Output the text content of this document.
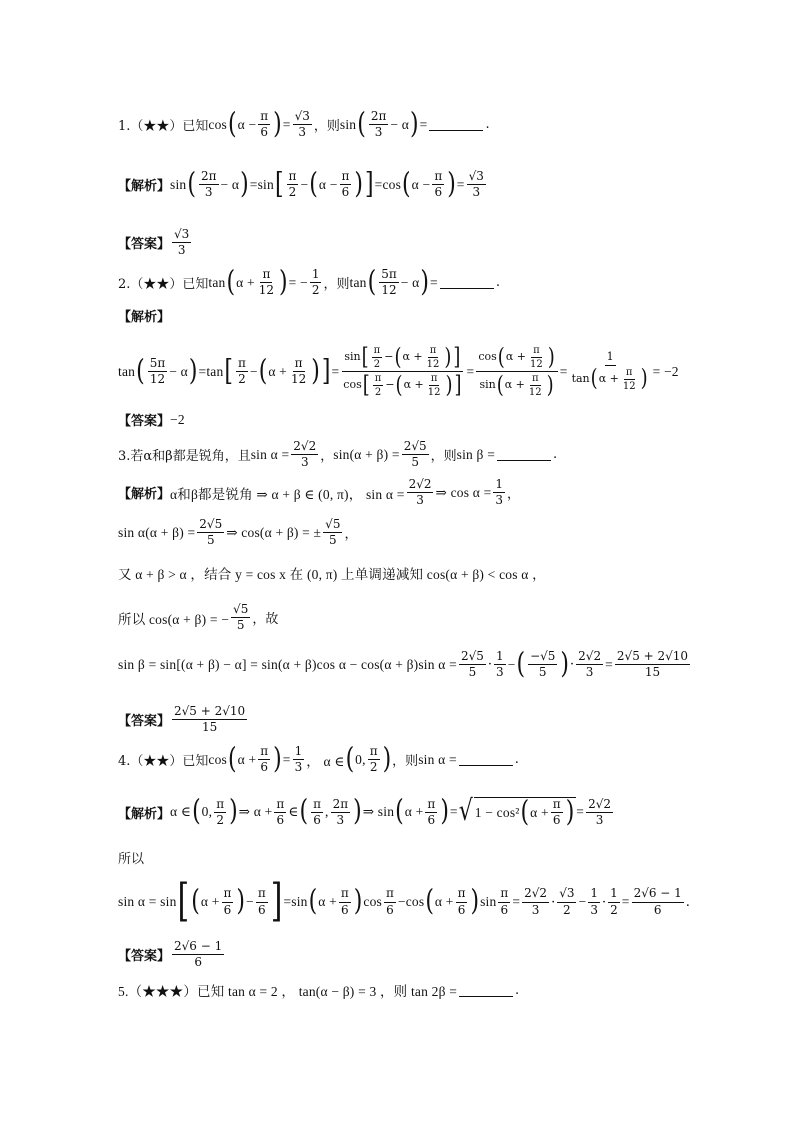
1.（★★）已知 cos ( $\alpha - \frac{\pi}{6}$ ) = $\frac{√3}{3}$ ，则 sin ( $\frac{2\pi}{3} - \alpha$ ) =	.
【解析】 sin ( $\frac{2\pi}{3} - \alpha$ ) = sin [ $\frac{\pi}{2}$ − ( $\alpha - \frac{\pi}{6}$ ) ] = cos ( $\alpha - \frac{\pi}{6}$ ) = $\frac{√3}{3}$
【答案】 $\frac{√3}{3}$
2.（★★）已知 tan ( $\alpha + \frac{\pi}{12}$ ) = − $\frac{1}{2}$ ，则 tan ( $\frac{5\pi}{12} - \alpha$ ) =	.
【解析】
tan ( $\frac{5\pi}{12} - \alpha$ ) = tan [ $\frac{\pi}{2}$ − ( $\alpha + \frac{\pi}{12}$ ) ] = $\frac{\sin [ \frac{\pi}{2} - ( \alpha + \frac{\pi}{12} ) ]}{\cos [ \frac{\pi}{2} - ( \alpha + \frac{\pi}{12} ) ]} = \frac{\cos ( \alpha + \frac{\pi}{12} )}{\sin ( \alpha + \frac{\pi}{12} )} = \frac{1}{\tan ( \alpha + \frac{\pi}{12} )} = -2$
【答案】 −2
3.若 α和β都是锐角，且 $\sin \alpha = \frac{2√2}{3}$ ， $\sin(\alpha + \beta) = \frac{2√5}{5}$ ，则 sin β =	.
【解析】 α和β都是锐角 ⇒ α + β ∈ (0, π) ， $\sin \alpha = \frac{2√2}{3}$ ⇒ $\cos \alpha = \frac{1}{3}$ ，
$\sin \alpha(\alpha + \beta) = \frac{2√5}{5}$ ⇒ cos(α + β) = ± $\frac{√5}{5}$ ，
又 α + β > α ，结合 y = cos x 在 (0, π) 上单调递减知 cos(α + β) < cos α ，
所以 cos(α + β) = − $\frac{√5}{5}$ ，故
sin β = sin[(α + β) − α] = sin(α + β)cos α − cos(α + β)sin $\alpha = \frac{2√5}{5} \cdot \frac{1}{3}$ − ( $\frac{-√5}{5}$ ) · $\frac{2√2}{3} = \frac{2√5 + 2√10}{15}$
【答案】 $\frac{2√5 + 2√10}{15}$
4.（★★）已知 cos ( $\alpha + \frac{\pi}{6}$ ) = $\frac{1}{3}$ ， α ∈ ( 0, $\frac{\pi}{2}$ ) ，则 sin α =	.
【解析】 α ∈ ( 0, $\frac{\pi}{2}$ ) ⇒ $\alpha + \frac{\pi}{6}$ ∈ ( $\frac{\pi}{6}$ , $\frac{2\pi}{3}$ ) ⇒ sin ( $\alpha + \frac{\pi}{6}$ ) = √ 1 − cos² ( $\alpha + \frac{\pi}{6}$ ) = $\frac{2√2}{3}$
所以
sin α = sin [ ( $\alpha + \frac{\pi}{6}$ ) − $\frac{\pi}{6}$ ] = sin ( $\alpha + \frac{\pi}{6}$ ) $\cos \frac{\pi}{6} - \cos$ ( $\alpha + \frac{\pi}{6}$ ) $\sin \frac{\pi}{6} = \frac{2√2}{3} \cdot \frac{√3}{2} - \frac{1}{3} \cdot \frac{1}{2} = \frac{2√6 - 1}{6}$ .
【答案】 $\frac{2√6 - 1}{6}$
5.（★★★）已知 tan α = 2 ， tan(α − β) = 3 ，则 tan 2β =	.
